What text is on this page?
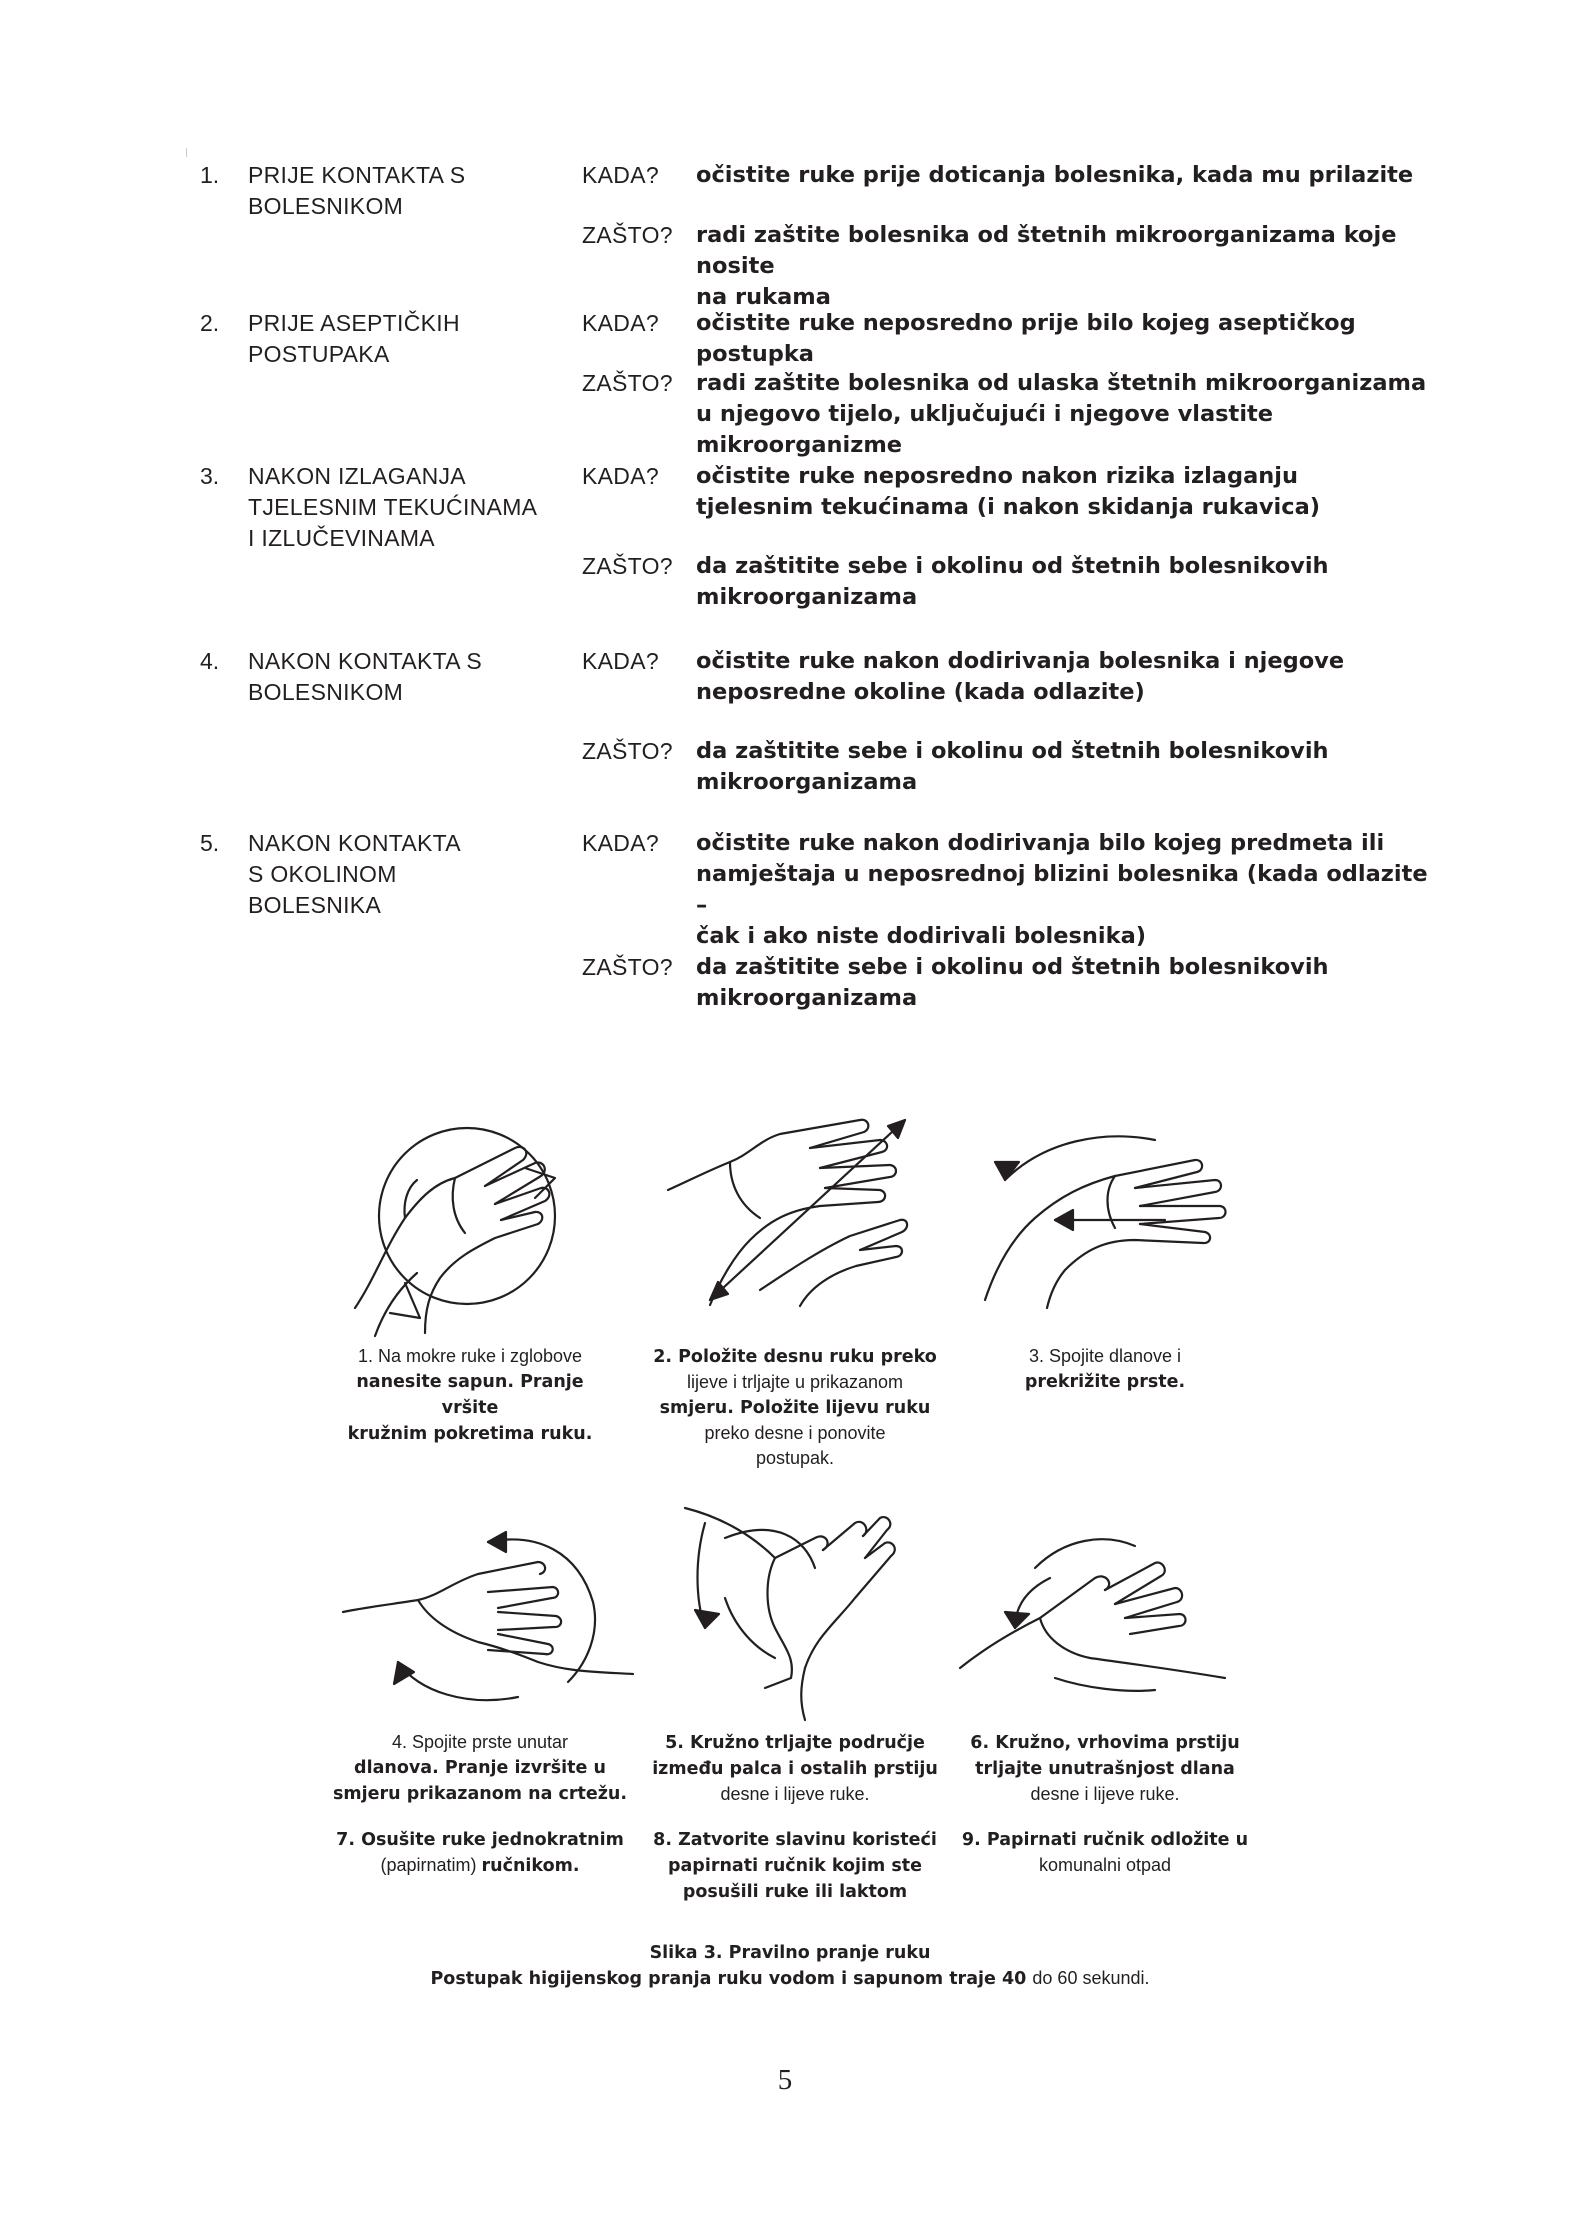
1.	PRIJE KONTAKTA S
BOLESNIKOM
KADA?	očistite ruke prije doticanja bolesnika, kada mu prilazite
ZAŠTO?	radi zaštite bolesnika od štetnih mikroorganizama koje nosite
na rukama
2.	PRIJE ASEPTIČKIH
POSTUPAKA
KADA?	očistite ruke neposredno prije bilo kojeg aseptičkog postupka
ZAŠTO?	radi zaštite bolesnika od ulaska štetnih mikroorganizama
u njegovo tijelo, uključujući i njegove vlastite mikroorganizme
3.	NAKON IZLAGANJA
TJELESNIM TEKUĆINAMA
I IZLUČEVINAMA
KADA?	očistite ruke neposredno nakon rizika izlaganju
tjelesnim tekućinama (i nakon skidanja rukavica)
ZAŠTO?	da zaštitite sebe i okolinu od štetnih bolesnikovih
mikroorganizama
4.	NAKON KONTAKTA S
BOLESNIKOM
KADA?	očistite ruke nakon dodirivanja bolesnika i njegove
neposredne okoline (kada odlazite)
ZAŠTO?	da zaštitite sebe i okolinu od štetnih bolesnikovih
mikroorganizama
5.	NAKON KONTAKTA
S OKOLINOM
BOLESNIKA
KADA?	očistite ruke nakon dodirivanja bilo kojeg predmeta ili
namještaja u neposrednoj blizini bolesnika (kada odlazite –
čak i ako niste dodirivali bolesnika)
ZAŠTO?	da zaštitite sebe i okolinu od štetnih bolesnikovih
mikroorganizama
1. Na mokre ruke i zglobove
nanesite sapun. Pranje vršite
kružnim pokretima ruku.
2. Položite desnu ruku preko
lijeve i trljajte u prikazanom
smjeru. Položite lijevu ruku
preko desne i ponovite
postupak.
3. Spojite dlanove i
prekrižite prste.
4. Spojite prste unutar
dlanova. Pranje izvršite u
smjeru prikazanom na crtežu.
5. Kružno trljajte područje
između palca i ostalih prstiju
desne i lijeve ruke.
6. Kružno, vrhovima prstiju
trljajte unutrašnjost dlana
desne i lijeve ruke.
7. Osušite ruke jednokratnim
(papirnatim) ručnikom.
8. Zatvorite slavinu koristeći
papirnati ručnik kojim ste
posušili ruke ili laktom
9. Papirnati ručnik odložite u
komunalni otpad
Slika 3. Pravilno pranje ruku
Postupak higijenskog pranja ruku vodom i sapunom traje 40 do 60 sekundi.
5
